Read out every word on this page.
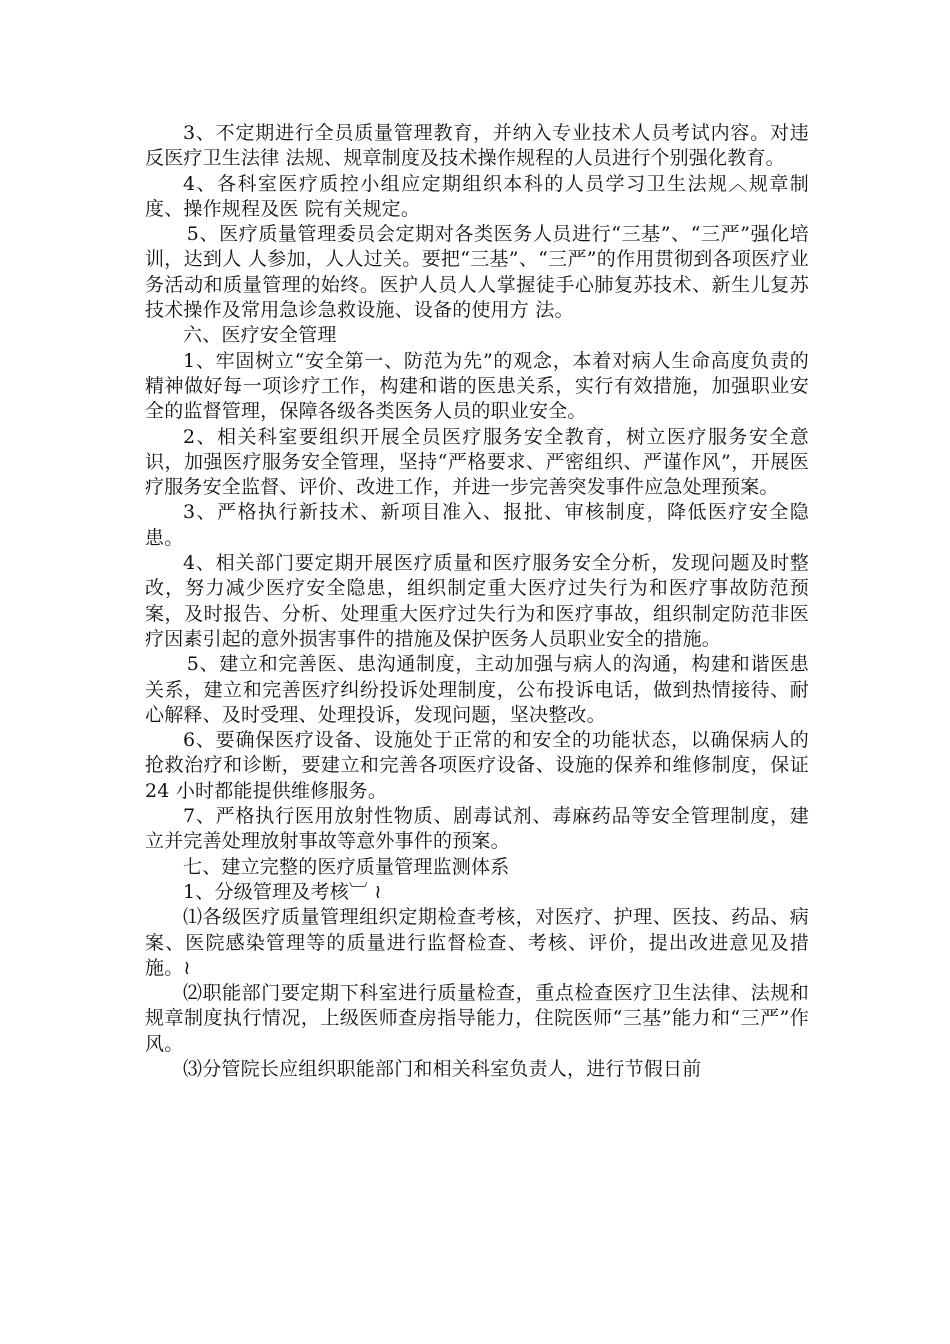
3、不定期进行全员质量管理教育，并纳入专业技术人员考试内容。对违反医疗卫生法律 法规、规章制度及技术操作规程的人员进行个别强化教育。

4、各科室医疗质控小组应定期组织本科的人员学习卫生法规︿规章制度、操作规程及医 院有关规定。

5、医疗质量管理委员会定期对各类医务人员进行“三基”、“三严”强化培训，达到人 人参加，人人过关。要把“三基”、“三严”的作用贯彻到各项医疗业务活动和质量管理的始终。医护人员人人掌握徒手心肺复苏技术、新生儿复苏技术操作及常用急诊急救设施、设备的使用方 法。

六、医疗安全管理

1、牢固树立“安全第一、防范为先”的观念，本着对病人生命高度负责的精神做好每一项诊疗工作，构建和谐的医患关系，实行有效措施，加强职业安全的监督管理，保障各级各类医务人员的职业安全。

2、相关科室要组织开展全员医疗服务安全教育，树立医疗服务安全意识，加强医疗服务安全管理，坚持“严格要求、严密组织、严谨作风”，开展医疗服务安全监督、评价、改进工作，并进一步完善突发事件应急处理预案。

3、严格执行新技术、新项目准入、报批、审核制度，降低医疗安全隐患。

4、相关部门要定期开展医疗质量和医疗服务安全分析，发现问题及时整改，努力减少医疗安全隐患，组织制定重大医疗过失行为和医疗事故防范预案，及时报告、分析、处理重大医疗过失行为和医疗事故，组织制定防范非医疗因素引起的意外损害事件的措施及保护医务人员职业安全的措施。

5、建立和完善医、患沟通制度，主动加强与病人的沟通，构建和谐医患关系，建立和完善医疗纠纷投诉处理制度，公布投诉电话，做到热情接待、耐心解释、及时受理、处理投诉，发现问题，坚决整改。

6、要确保医疗设备、设施处于正常的和安全的功能状态，以确保病人的抢救治疗和诊断，要建立和完善各项医疗设备、设施的保养和维修制度，保证 24 小时都能提供维修服务。

7、严格执行医用放射性物质、剧毒试剂、毒麻药品等安全管理制度，建立并完善处理放射事故等意外事件的预案。

七、建立完整的医疗质量管理监测体系

1、分级管理及考核︺ ≀

⑴各级医疗质量管理组织定期检查考核，对医疗、护理、医技、药品、病案、医院感染管理等的质量进行监督检查、考核、评价，提出改进意见及措施。≀

⑵职能部门要定期下科室进行质量检查，重点检查医疗卫生法律、法规和规章制度执行情况，上级医师查房指导能力，住院医师“三基”能力和“三严”作风。

⑶分管院长应组织职能部门和相关科室负责人，进行节假日前
